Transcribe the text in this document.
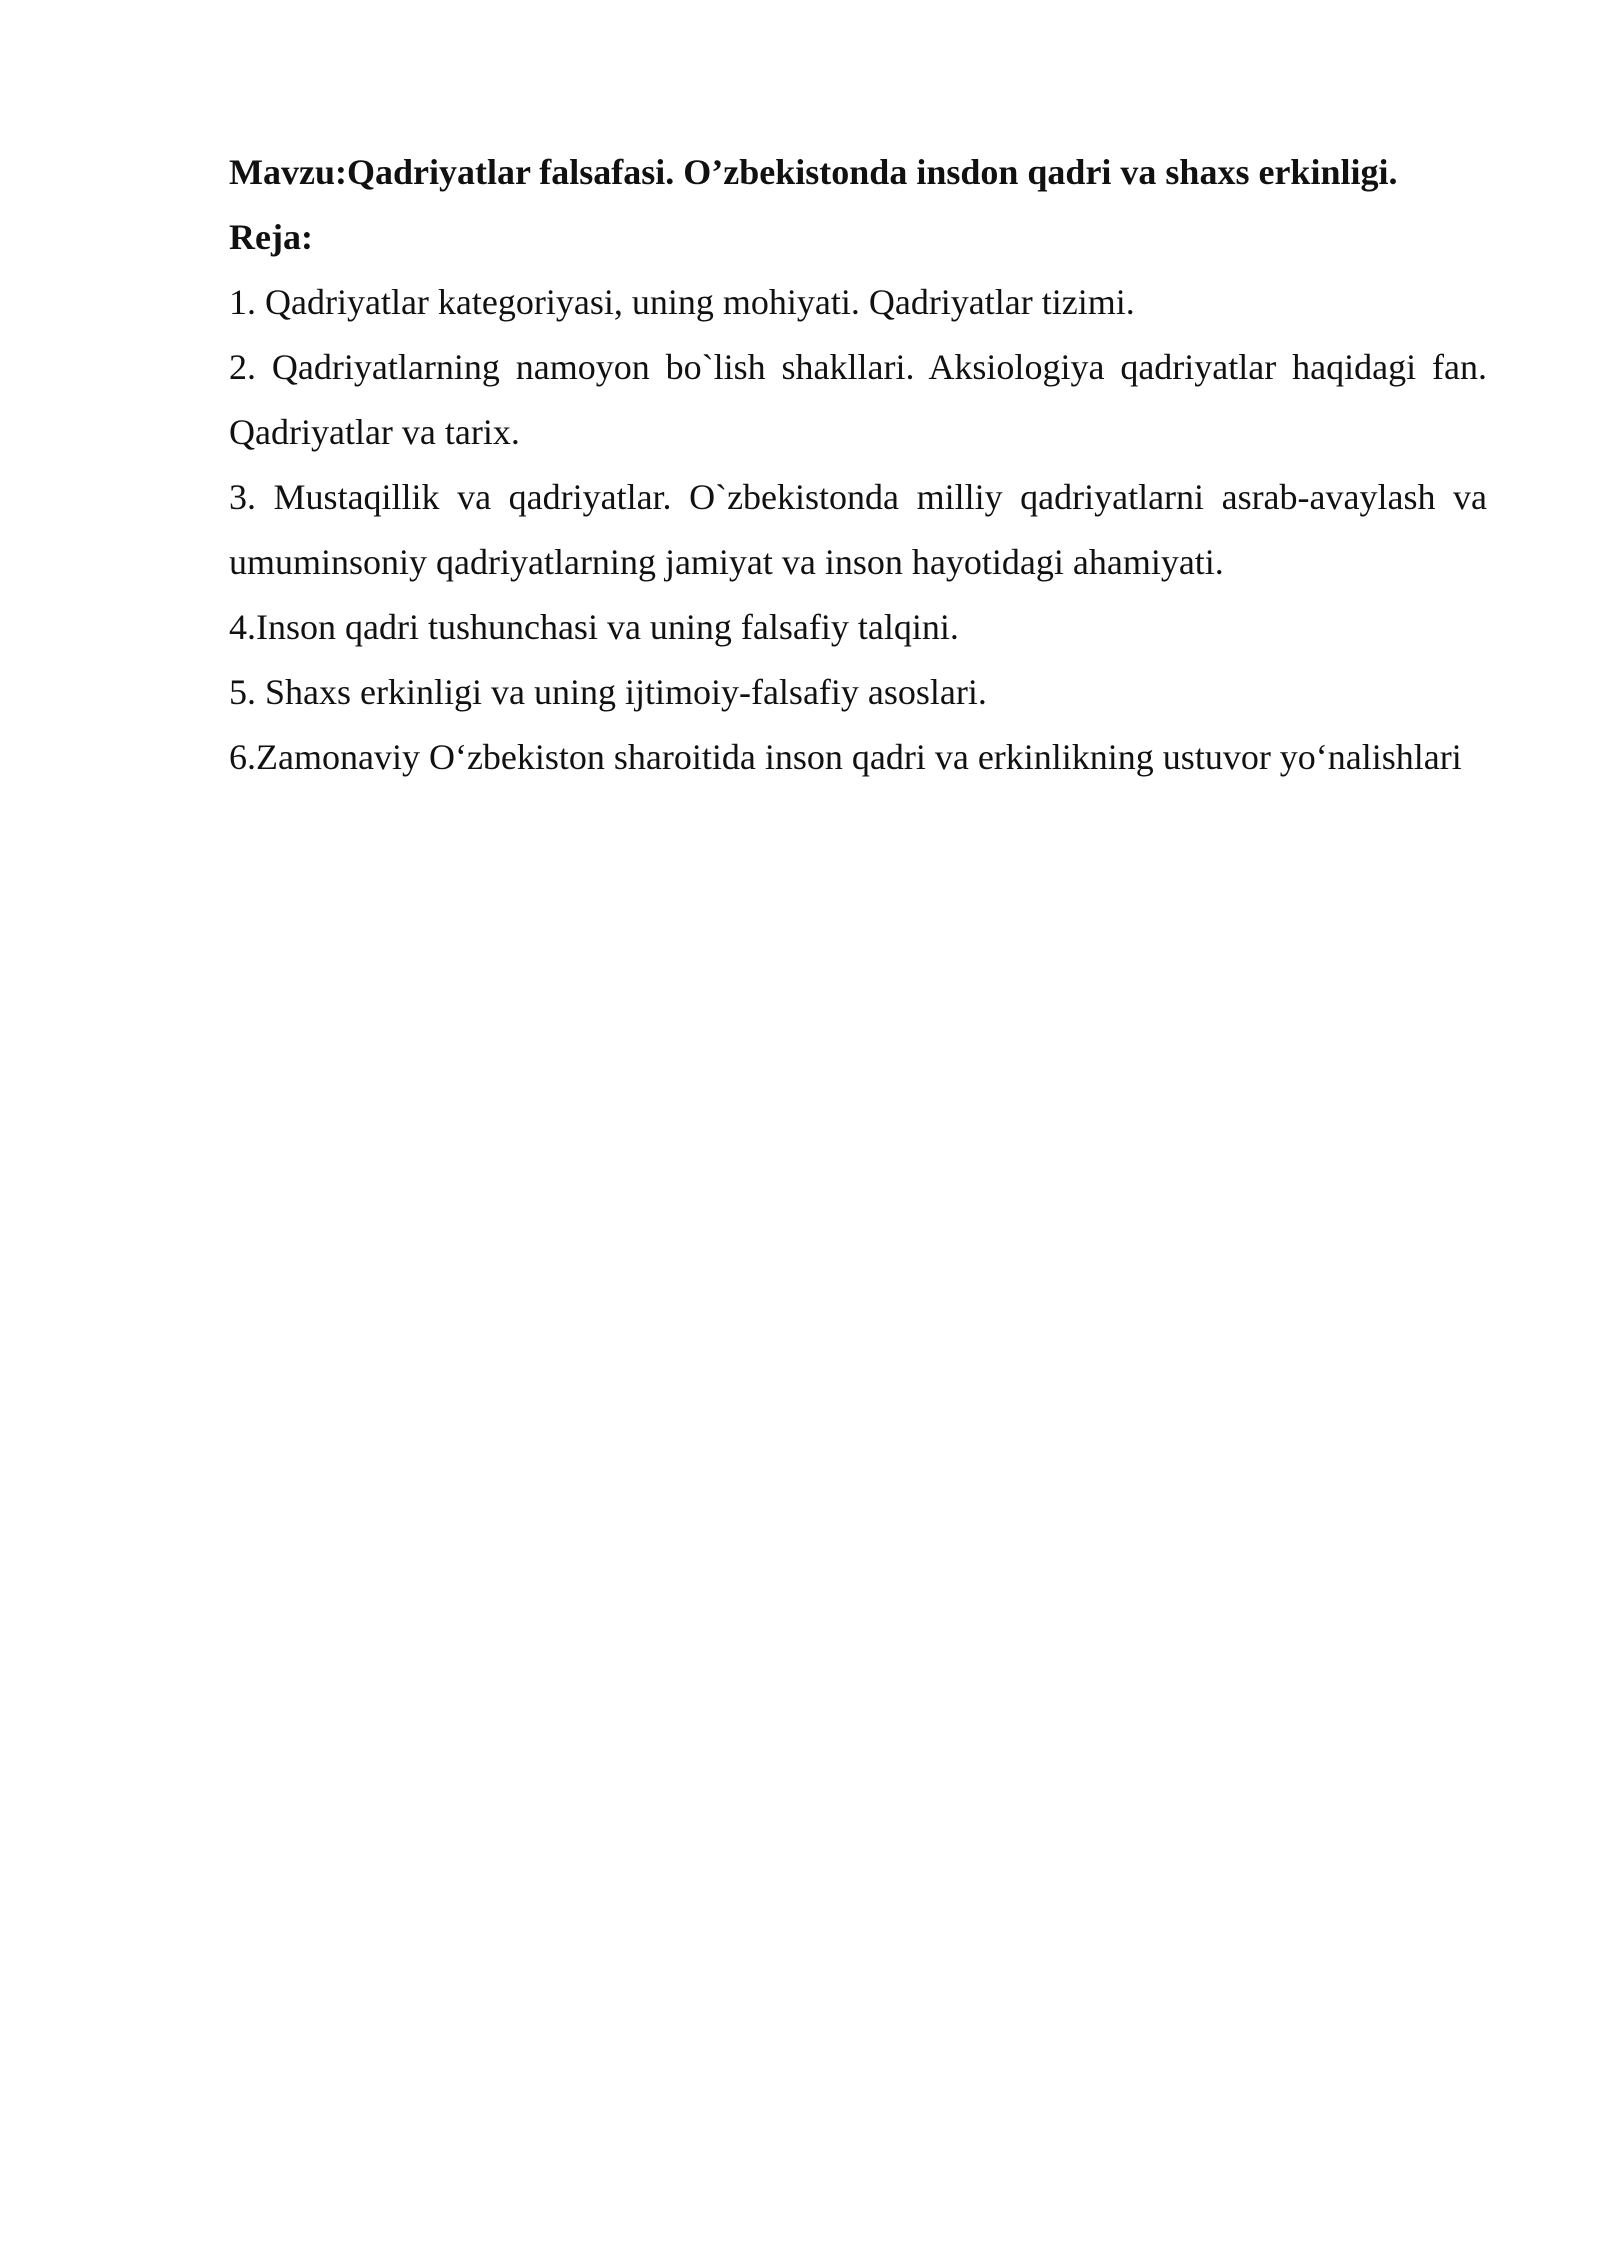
Mavzu:Qadriyatlar falsafasi. O’zbekistonda insdon qadri va shaxs erkinligi.

Reja:

1. Qadriyatlar kategoriyasi, uning mohiyati. Qadriyatlar tizimi.
2. Qadriyatlarning namoyon bo`lish shakllari. Aksiologiya qadriyatlar haqidagi fan. Qadriyatlar va tarix.
3. Mustaqillik va qadriyatlar. O`zbekistonda milliy qadriyatlarni asrab-avaylash va umuminsoniy qadriyatlarning jamiyat va inson hayotidagi ahamiyati.
4.Inson qadri tushunchasi va uning falsafiy talqini.
5. Shaxs erkinligi va uning ijtimoiy-falsafiy asoslari.
6.Zamonaviy O‘zbekiston sharoitida inson qadri va erkinlikning ustuvor yo‘nalishlari
